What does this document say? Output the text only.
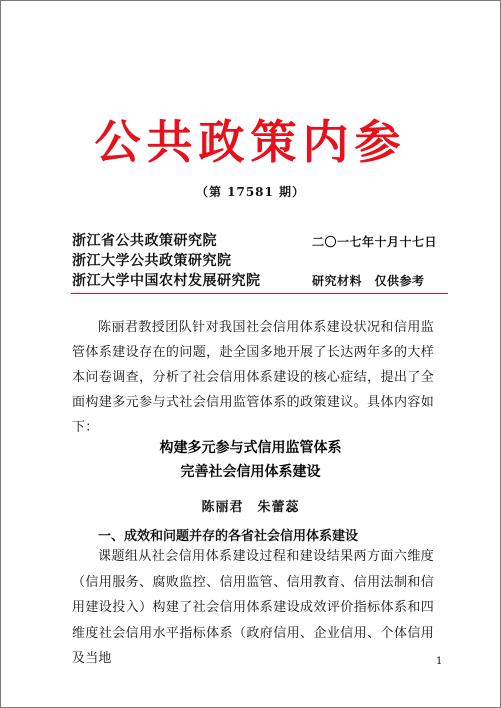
公共政策内参
（第 17581 期）
浙江省公共政策研究院
浙江大学公共政策研究院
浙江大学中国农村发展研究院
二〇一七年十月十七日
研究材料　仅供参考

陈丽君教授团队针对我国社会信用体系建设状况和信用监管体系建设存在的问题，赴全国多地开展了长达两年多的大样本问卷调查，分析了社会信用体系建设的核心症结，提出了全面构建多元参与式社会信用监管体系的政策建议。具体内容如下：

构建多元参与式信用监管体系
完善社会信用体系建设
陈丽君　朱蕾蕊
一、成效和问题并存的各省社会信用体系建设

课题组从社会信用体系建设过程和建设结果两方面六维度（信用服务、腐败监控、信用监管、信用教育、信用法制和信用建设投入）构建了社会信用体系建设成效评价指标体系和四维度社会信用水平指标体系（政府信用、企业信用、个体信用及当地	1
